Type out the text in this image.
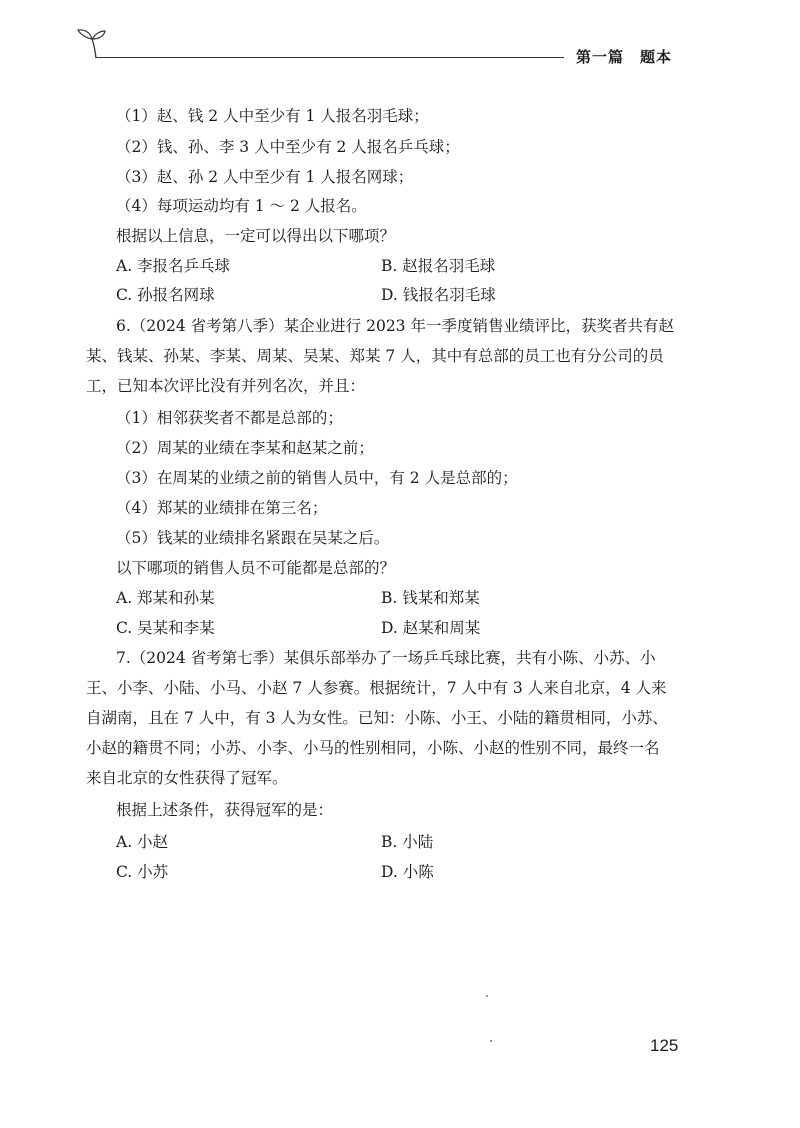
第一篇　题本
（1）赵、钱 2 人中至少有 1 人报名羽毛球；
（2）钱、孙、李 3 人中至少有 2 人报名乒乓球；
（3）赵、孙 2 人中至少有 1 人报名网球；
（4）每项运动均有 1 ～ 2 人报名。
根据以上信息，一定可以得出以下哪项？
A. 李报名乒乓球	B. 赵报名羽毛球
C. 孙报名网球	D. 钱报名羽毛球
6.（2024 省考第八季）某企业进行 2023 年一季度销售业绩评比，获奖者共有赵
某、钱某、孙某、李某、周某、吴某、郑某 7 人，其中有总部的员工也有分公司的员
工，已知本次评比没有并列名次，并且：
（1）相邻获奖者不都是总部的；
（2）周某的业绩在李某和赵某之前；
（3）在周某的业绩之前的销售人员中，有 2 人是总部的；
（4）郑某的业绩排在第三名；
（5）钱某的业绩排名紧跟在吴某之后。
以下哪项的销售人员不可能都是总部的？
A. 郑某和孙某	B. 钱某和郑某
C. 吴某和李某	D. 赵某和周某
7.（2024 省考第七季）某俱乐部举办了一场乒乓球比赛，共有小陈、小苏、小
王、小李、小陆、小马、小赵 7 人参赛。根据统计，7 人中有 3 人来自北京，4 人来
自湖南，且在 7 人中，有 3 人为女性。已知：小陈、小王、小陆的籍贯相同，小苏、
小赵的籍贯不同；小苏、小李、小马的性别相同，小陈、小赵的性别不同，最终一名
来自北京的女性获得了冠军。
根据上述条件，获得冠军的是：
A. 小赵	B. 小陆
C. 小苏	D. 小陈
125
